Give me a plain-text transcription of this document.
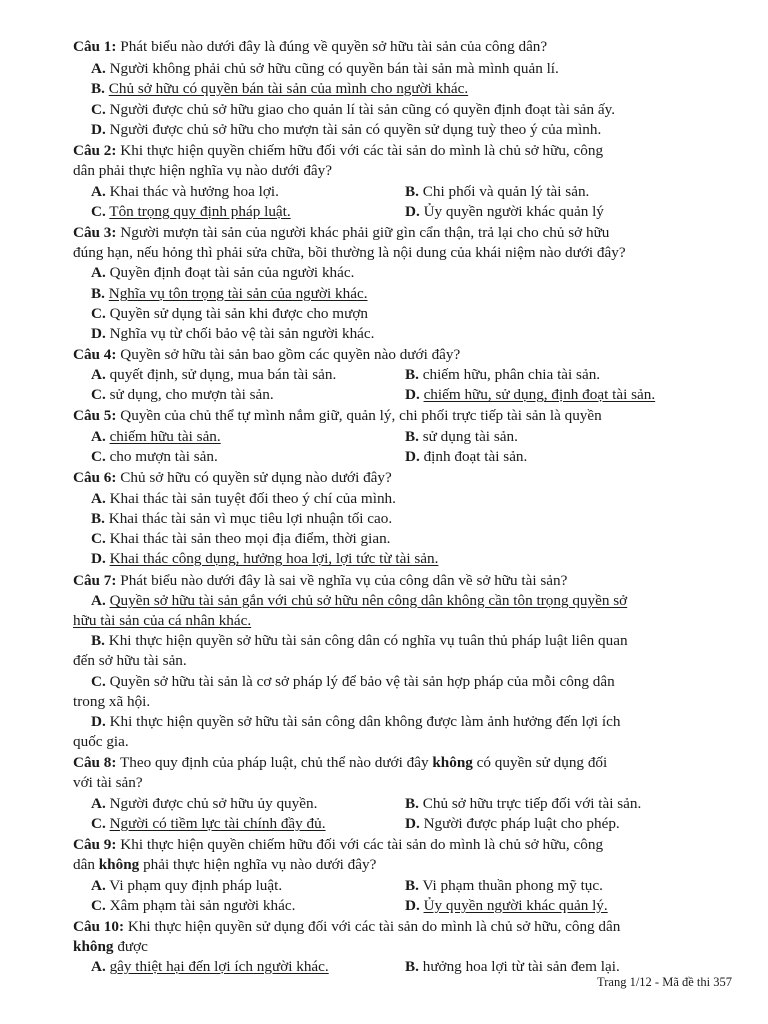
Câu 1: Phát biểu nào dưới đây là đúng về quyền sở hữu tài sản của công dân?
A. Người không phải chủ sở hữu cũng có quyền bán tài sản mà mình quản lí.
B. Chủ sở hữu có quyền bán tài sản của mình cho người khác.
C. Người được chủ sở hữu giao cho quản lí tài sản cũng có quyền định đoạt tài sản ấy.
D. Người được chủ sở hữu cho mượn tài sản có quyền sử dụng tuỳ theo ý của mình.
Câu 2: Khi thực hiện quyền chiếm hữu đối với các tài sản do mình là chủ sở hữu, công
dân phải thực hiện nghĩa vụ nào dưới đây?
A. Khai thác và hưởng hoa lợi.	B. Chi phối và quản lý tài sản.
C. Tôn trọng quy định pháp luật.	D. Ủy quyền người khác quản lý
Câu 3: Người mượn tài sản của người khác phải giữ gìn cẩn thận, trả lại cho chủ sở hữu
đúng hạn, nếu hỏng thì phải sửa chữa, bồi thường là nội dung của khái niệm nào dưới đây?
A. Quyền định đoạt tài sản của người khác.
B. Nghĩa vụ tôn trọng tài sản của người khác.
C. Quyền sử dụng tài sản khi được cho mượn
D. Nghĩa vụ từ chối bảo vệ tài sản người khác.
Câu 4: Quyền sở hữu tài sản bao gồm các quyền nào dưới đây?
A. quyết định, sử dụng, mua bán tài sản.	B. chiếm hữu, phân chia tài sản.
C. sử dụng, cho mượn tài sản.	D. chiếm hữu, sử dụng, định đoạt tài sản.
Câu 5: Quyền của chủ thể tự mình nắm giữ, quản lý, chi phối trực tiếp tài sản là quyền
A. chiếm hữu tài sản.	B. sử dụng tài sản.
C. cho mượn tài sản.	D. định đoạt tài sản.
Câu 6: Chủ sở hữu có quyền sử dụng nào dưới đây?
A. Khai thác tài sản tuyệt đối theo ý chí của mình.
B. Khai thác tài sản vì mục tiêu lợi nhuận tối cao.
C. Khai thác tài sản theo mọi địa điểm, thời gian.
D. Khai thác công dụng, hưởng hoa lợi, lợi tức từ tài sản.
Câu 7: Phát biểu nào dưới đây là sai về nghĩa vụ của công dân về sở hữu tài sản?
A. Quyền sở hữu tài sản gắn với chủ sở hữu nên công dân không cần tôn trọng quyền sở
hữu tài sản của cá nhân khác.
B. Khi thực hiện quyền sở hữu tài sản công dân có nghĩa vụ tuân thủ pháp luật liên quan
đến sở hữu tài sản.
C. Quyền sở hữu tài sản là cơ sở pháp lý để bảo vệ tài sản hợp pháp của mỗi công dân
trong xã hội.
D. Khi thực hiện quyền sở hữu tài sản công dân không được làm ảnh hưởng đến lợi ích
quốc gia.
Câu 8: Theo quy định của pháp luật, chủ thể nào dưới đây không có quyền sử dụng đối
với tài sản?
A. Người được chủ sở hữu ủy quyền.	B. Chủ sở hữu trực tiếp đối với tài sản.
C. Người có tiềm lực tài chính đầy đủ.	D. Người được pháp luật cho phép.
Câu 9: Khi thực hiện quyền chiếm hữu đối với các tài sản do mình là chủ sở hữu, công
dân không phải thực hiện nghĩa vụ nào dưới đây?
A. Vi phạm quy định pháp luật.	B. Vi phạm thuần phong mỹ tục.
C. Xâm phạm tài sản người khác.	D. Ủy quyền người khác quản lý.
Câu 10: Khi thực hiện quyền sử dụng đối với các tài sản do mình là chủ sở hữu, công dân
không được
A. gây thiệt hại đến lợi ích người khác.	B. hưởng hoa lợi từ tài sản đem lại.
Trang 1/12 - Mã đề thi 357
